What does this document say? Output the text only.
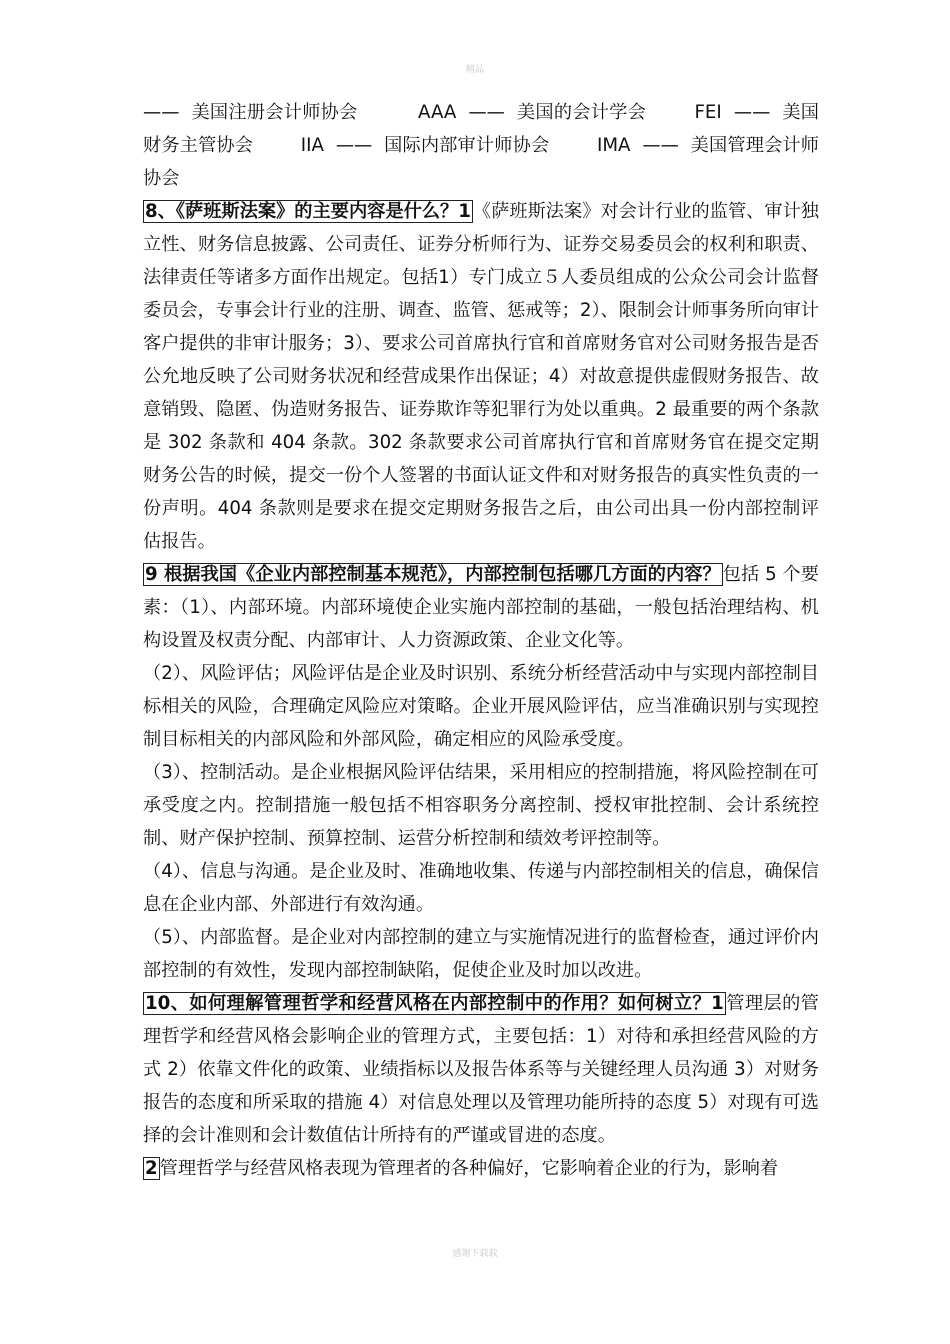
精品

——  美国注册会计师协会          AAA  ——  美国的会计学会        FEI  ——  美国财务主管协会        IIA  ——  国际内部审计师协会        IMA  ——  美国管理会计师协会

8、《萨班斯法案》的主要内容是什么？1 《萨班斯法案》对会计行业的监管、审计独立性、财务信息披露、公司责任、证券分析师行为、证券交易委员会的权利和职责、法律责任等诸多方面作出规定。包括1）专门成立５人委员组成的公众公司会计监督委员会，专事会计行业的注册、调查、监管、惩戒等；2）、限制会计师事务所向审计客户提供的非审计服务；3）、要求公司首席执行官和首席财务官对公司财务报告是否公允地反映了公司财务状况和经营成果作出保证；4）对故意提供虚假财务报告、故意销毁、隐匿、伪造财务报告、证券欺诈等犯罪行为处以重典。2 最重要的两个条款是 302 条款和 404 条款。302 条款要求公司首席执行官和首席财务官在提交定期财务公告的时候，提交一份个人签署的书面认证文件和对财务报告的真实性负责的一份声明。404 条款则是要求在提交定期财务报告之后，由公司出具一份内部控制评估报告。

9 根据我国《企业内部控制基本规范》，内部控制包括哪几方面的内容？ 包括 5 个要素：（1）、内部环境。内部环境使企业实施内部控制的基础，一般包括治理结构、机构设置及权责分配、内部审计、人力资源政策、企业文化等。

（2）、风险评估；风险评估是企业及时识别、系统分析经营活动中与实现内部控制目标相关的风险，合理确定风险应对策略。企业开展风险评估，应当准确识别与实现控制目标相关的内部风险和外部风险，确定相应的风险承受度。

（3）、控制活动。是企业根据风险评估结果，采用相应的控制措施，将风险控制在可承受度之内。控制措施一般包括不相容职务分离控制、授权审批控制、会计系统控制、财产保护控制、预算控制、运营分析控制和绩效考评控制等。

（4）、信息与沟通。是企业及时、准确地收集、传递与内部控制相关的信息，确保信息在企业内部、外部进行有效沟通。

（5）、内部监督。是企业对内部控制的建立与实施情况进行的监督检查，通过评价内部控制的有效性，发现内部控制缺陷，促使企业及时加以改进。

10、如何理解管理哲学和经营风格在内部控制中的作用？如何树立？1 管理层的管理哲学和经营风格会影响企业的管理方式，主要包括：1）对待和承担经营风险的方式 2）依靠文件化的政策、业绩指标以及报告体系等与关键经理人员沟通 3）对财务报告的态度和所采取的措施 4）对信息处理以及管理功能所持的态度 5）对现有可选择的会计准则和会计数值估计所持有的严谨或冒进的态度。

2 管理哲学与经营风格表现为管理者的各种偏好，它影响着企业的行为，影响着

感谢下载载
